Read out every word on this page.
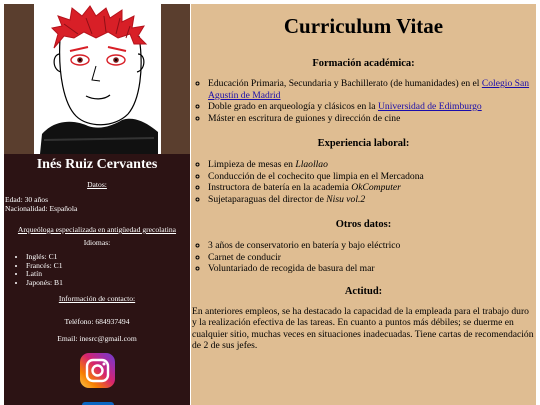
Inés Ruiz Cervantes
Datos:
Edad: 30 años
Nacionalidad: Española
Arqueóloga especializada en antigüedad grecolatina
Idiomas:
• Inglés: C1
• Francés: C1
• Latín
• Japonés: B1
Información de contacto:
Teléfono: 684937494
Email: inesrc@gmail.com
Curriculum Vitae
Formación académica:
◦ Educación Primaria, Secundaria y Bachillerato (de humanidades) en el Colegio San Agustín de Madrid
◦ Doble grado en arqueología y clásicos en la Universidad de Edimburgo
◦ Máster en escritura de guiones y dirección de cine
Experiencia laboral:
◦ Limpieza de mesas en Llaollao
◦ Conducción de el cochecito que limpia en el Mercadona
◦ Instructora de batería en la academia OkComputer
◦ Sujetaparaguas del director de Nisu vol.2
Otros datos:
◦ 3 años de conservatorio en batería y bajo eléctrico
◦ Carnet de conducir
◦ Voluntariado de recogida de basura del mar
Actitud:
En anteriores empleos, se ha destacado la capacidad de la empleada para el trabajo duro y la realización efectiva de las tareas. En cuanto a puntos más débiles; se duerme en cualquier sitio, muchas veces en situaciones inadecuadas. Tiene cartas de recomendación de 2 de sus jefes.
